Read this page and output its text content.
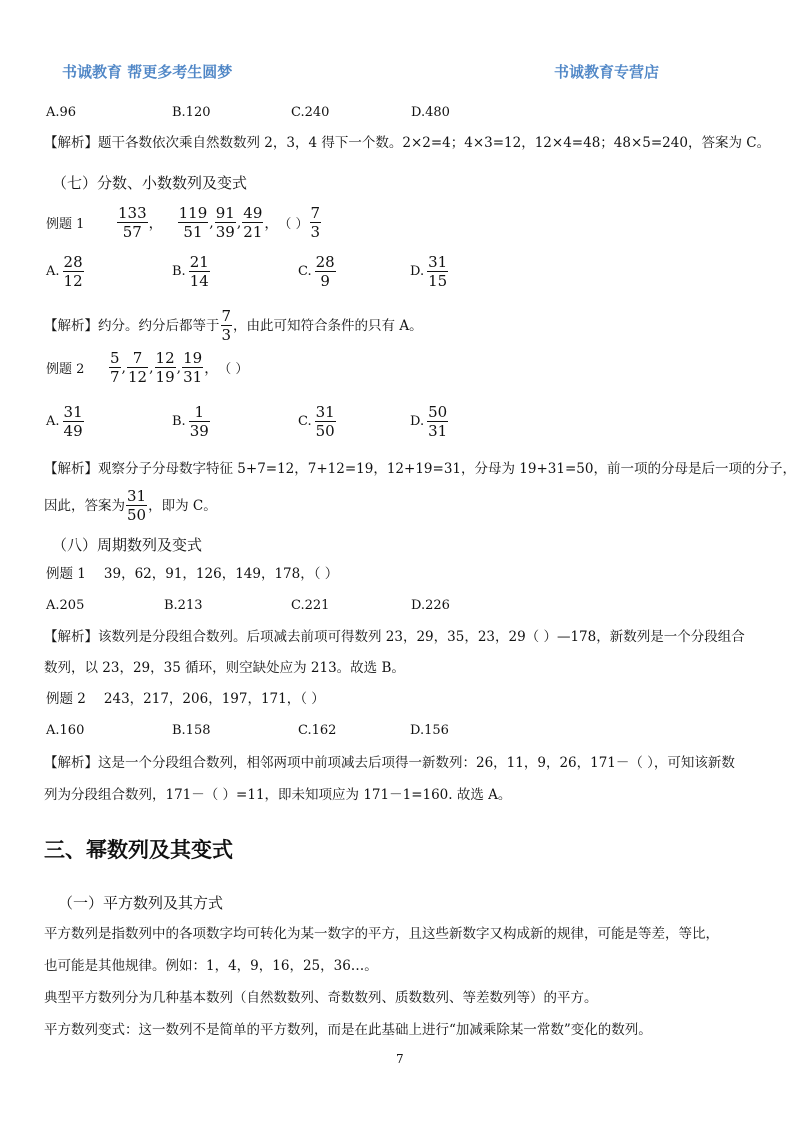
书诚教育 帮更多考生圆梦	书诚教育专营店
A.96	B.120	C.240	D.480
【解析】题干各数依次乘自然数数列 2，3，4 得下一个数。2×2=4；4×3=12，12×4=48；48×5=240，答案为 C。
（七）分数、小数数列及变式
例题 1	$\frac{133}{57}$ ， $\frac{119}{51}$ , $\frac{91}{39}$ , $\frac{49}{21}$ ， （ ） $\frac{7}{3}$
A. $\frac{28}{12}$	B. $\frac{21}{14}$	C. $\frac{28}{9}$	D. $\frac{31}{15}$
【解析】 约分。约分后都等于 $\frac{7}{3}$ ，由此可知符合条件的只有 A。
例题 2	$\frac{5}{7}$ , $\frac{7}{12}$ , $\frac{12}{19}$ , $\frac{19}{31}$ ， （ ）
A. $\frac{31}{49}$	B. $\frac{1}{39}$	C. $\frac{31}{50}$	D. $\frac{50}{31}$
【解析】观察分子分母数字特征 5+7=12，7+12=19，12+19=31，分母为 19+31=50，前一项的分母是后一项的分子，
因此，答案为 $\frac{31}{50}$ ，即为 C。
（八）周期数列及变式
例题 1 39，62，91，126，149，178，（ ）
A.205	B.213	C.221	D.226
【解析】该数列是分段组合数列。后项减去前项可得数列 23，29，35，23，29（ ）—178，新数列是一个分段组合
数列，以 23，29，35 循环，则空缺处应为 213。故选 B。
例题 2 243，217，206，197，171，（ ）
A.160	B.158	C.162	D.156
【解析】这是一个分段组合数列，相邻两项中前项减去后项得一新数列：26，11，9，26，171－（ ），可知该新数
列为分段组合数列，171－（ ）=11，即未知项应为 171－1=160. 故选 A。
三、幂数列及其变式
（一）平方数列及其方式
平方数列是指数列中的各项数字均可转化为某一数字的平方，且这些新数字又构成新的规律，可能是等差，等比，
也可能是其他规律。例如：1，4，9，16，25，36…。
典型平方数列分为几种基本数列（自然数数列、奇数数列、质数数列、等差数列等）的平方。
平方数列变式：这一数列不是简单的平方数列，而是在此基础上进行“加减乘除某一常数”变化的数列。
7
